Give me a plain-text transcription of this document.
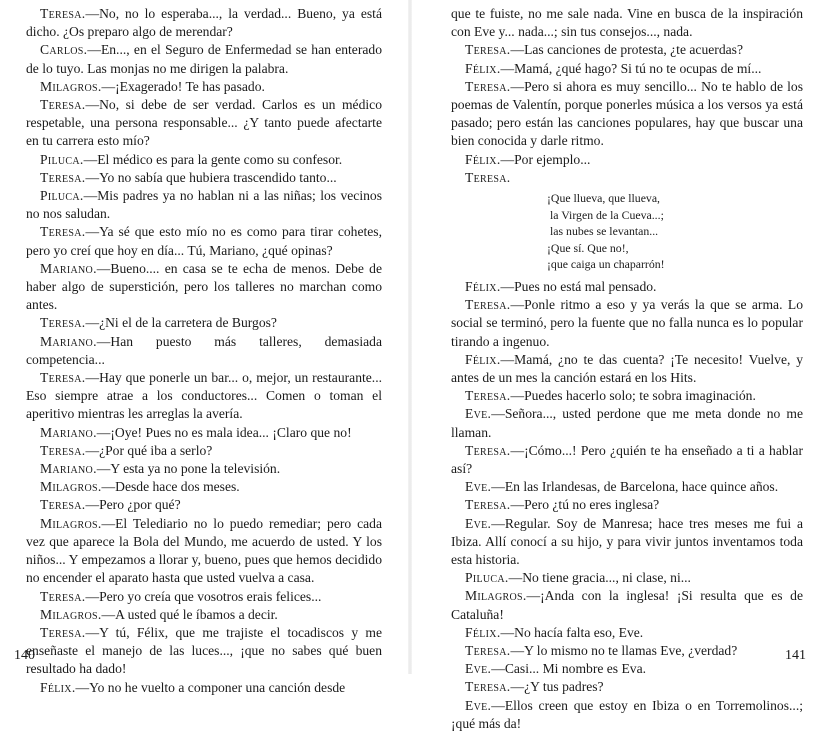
Teresa.—No, no lo esperaba..., la verdad... Bueno, ya está dicho. ¿Os preparo algo de merendar?

Carlos.—En..., en el Seguro de Enfermedad se han enterado de lo tuyo. Las monjas no me dirigen la palabra.

Milagros.—¡Exagerado! Te has pasado.

Teresa.—No, si debe de ser verdad. Carlos es un médico respetable, una persona responsable... ¿Y tanto puede afectarte en tu carrera esto mío?

Piluca.—El médico es para la gente como su confesor.

Teresa.—Yo no sabía que hubiera trascendido tanto...

Piluca.—Mis padres ya no hablan ni a las niñas; los vecinos no nos saludan.

Teresa.—Ya sé que esto mío no es como para tirar cohetes, pero yo creí que hoy en día... Tú, Mariano, ¿qué opinas?

Mariano.—Bueno.... en casa se te echa de menos. Debe de haber algo de superstición, pero los talleres no marchan como antes.

Teresa.—¿Ni el de la carretera de Burgos?

Mariano.—Han puesto más talleres, demasiada competencia...

Teresa.—Hay que ponerle un bar... o, mejor, un restaurante... Eso siempre atrae a los conductores... Comen o toman el aperitivo mientras les arreglas la avería.

Mariano.—¡Oye! Pues no es mala idea... ¡Claro que no!

Teresa.—¿Por qué iba a serlo?

Mariano.—Y esta ya no pone la televisión.

Milagros.—Desde hace dos meses.

Teresa.—Pero ¿por qué?

Milagros.—El Telediario no lo puedo remediar; pero cada vez que aparece la Bola del Mundo, me acuerdo de usted. Y los niños... Y empezamos a llorar y, bueno, pues que hemos decidido no encender el aparato hasta que usted vuelva a casa.

Teresa.—Pero yo creía que vosotros erais felices...

Milagros.—A usted qué le íbamos a decir.

Teresa.—Y tú, Félix, que me trajiste el tocadiscos y me enseñaste el manejo de las luces..., ¡que no sabes qué buen resultado ha dado!

Félix.—Yo no he vuelto a componer una canción desde

140

que te fuiste, no me sale nada. Vine en busca de la inspiración con Eve y... nada...; sin tus consejos..., nada.

Teresa.—Las canciones de protesta, ¿te acuerdas?

Félix.—Mamá, ¿qué hago? Si tú no te ocupas de mí...

Teresa.—Pero si ahora es muy sencillo... No te hablo de los poemas de Valentín, porque ponerles música a los versos ya está pasado; pero están las canciones populares, hay que buscar una bien conocida y darle ritmo.

Félix.—Por ejemplo...

Teresa.

¡Que llueva, que llueva,
la Virgen de la Cueva...;
las nubes se levantan...
¡Que sí. Que no!,
¡que caiga un chaparrón!

Félix.—Pues no está mal pensado.

Teresa.—Ponle ritmo a eso y ya verás la que se arma. Lo social se terminó, pero la fuente que no falla nunca es lo popular tirando a ingenuo.

Félix.—Mamá, ¿no te das cuenta? ¡Te necesito! Vuelve, y antes de un mes la canción estará en los Hits.

Teresa.—Puedes hacerlo solo; te sobra imaginación.

Eve.—Señora..., usted perdone que me meta donde no me llaman.

Teresa.—¡Cómo...! Pero ¿quién te ha enseñado a ti a hablar así?

Eve.—En las Irlandesas, de Barcelona, hace quince años.

Teresa.—Pero ¿tú no eres inglesa?

Eve.—Regular. Soy de Manresa; hace tres meses me fui a Ibiza. Allí conocí a su hijo, y para vivir juntos inventamos toda esta historia.

Piluca.—No tiene gracia..., ni clase, ni...

Milagros.—¡Anda con la inglesa! ¡Si resulta que es de Cataluña!

Félix.—No hacía falta eso, Eve.

Teresa.—Y lo mismo no te llamas Eve, ¿verdad?

Eve.—Casi... Mi nombre es Eva.

Teresa.—¿Y tus padres?

Eve.—Ellos creen que estoy en Ibiza o en Torremolinos...; ¡qué más da!

141
